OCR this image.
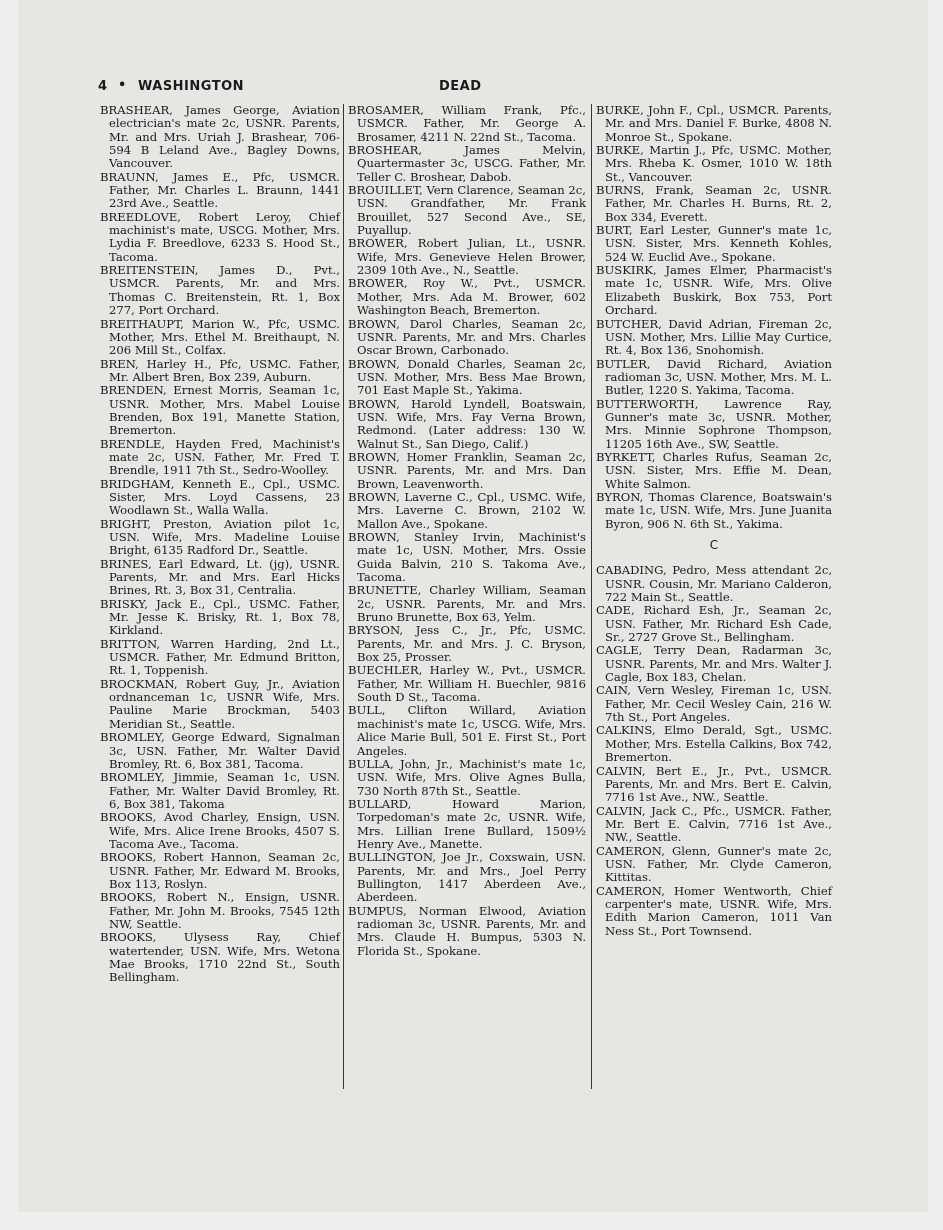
4 • WASHINGTON	DEAD

BRASHEAR, James George, Aviation electrician's mate 2c, USNR. Parents, Mr. and Mrs. Uriah J. Brashear, 706-594 B Leland Ave., Bagley Downs, Vancouver.

BRAUNN, James E., Pfc, USMCR. Father, Mr. Charles L. Braunn, 1441 23rd Ave., Seattle.

BREEDLOVE, Robert Leroy, Chief machinist's mate, USCG. Mother, Mrs. Lydia F. Breedlove, 6233 S. Hood St., Tacoma.

BREITENSTEIN, James D., Pvt., USMCR. Parents, Mr. and Mrs. Thomas C. Breitenstein, Rt. 1, Box 277, Port Orchard.

BREITHAUPT, Marion W., Pfc, USMC. Mother, Mrs. Ethel M. Breithaupt, N. 206 Mill St., Colfax.

BREN, Harley H., Pfc, USMC. Father, Mr. Albert Bren, Box 239, Auburn.

BRENDEN, Ernest Morris, Seaman 1c, USNR. Mother, Mrs. Mabel Louise Brenden, Box 191, Manette Station, Bremerton.

BRENDLE, Hayden Fred, Machinist's mate 2c, USN. Father, Mr. Fred T. Brendle, 1911 7th St., Sedro-Woolley.

BRIDGHAM, Kenneth E., Cpl., USMC. Sister, Mrs. Loyd Cassens, 23 Woodlawn St., Walla Walla.

BRIGHT, Preston, Aviation pilot 1c, USN. Wife, Mrs. Madeline Louise Bright, 6135 Radford Dr., Seattle.

BRINES, Earl Edward, Lt. (jg), USNR. Parents, Mr. and Mrs. Earl Hicks Brines, Rt. 3, Box 31, Centralia.

BRISKY, Jack E., Cpl., USMC. Father, Mr. Jesse K. Brisky, Rt. 1, Box 78, Kirkland.

BRITTON, Warren Harding, 2nd Lt., USMCR. Father, Mr. Edmund Britton, Rt. 1, Toppenish.

BROCKMAN, Robert Guy, Jr., Aviation ordnanceman 1c, USNR Wife, Mrs. Pauline Marie Brockman, 5403 Meridian St., Seattle.

BROMLEY, George Edward, Signalman 3c, USN. Father, Mr. Walter David Bromley, Rt. 6, Box 381, Tacoma.

BROMLEY, Jimmie, Seaman 1c, USN. Father, Mr. Walter David Bromley, Rt. 6, Box 381, Takoma

BROOKS, Avod Charley, Ensign, USN. Wife, Mrs. Alice Irene Brooks, 4507 S. Tacoma Ave., Tacoma.

BROOKS, Robert Hannon, Seaman 2c, USNR. Father, Mr. Edward M. Brooks, Box 113, Roslyn.

BROOKS, Robert N., Ensign, USNR. Father, Mr. John M. Brooks, 7545 12th NW, Seattle.

BROOKS, Ulysess Ray, Chief watertender, USN. Wife, Mrs. Wetona Mae Brooks, 1710 22nd St., South Bellingham.

BROSAMER, William Frank, Pfc., USMCR. Father, Mr. George A. Brosamer, 4211 N. 22nd St., Tacoma.

BROSHEAR, James Melvin, Quartermaster 3c, USCG. Father, Mr. Teller C. Broshear, Dabob.

BROUILLET, Vern Clarence, Seaman 2c, USN. Grandfather, Mr. Frank Brouillet, 527 Second Ave., SE, Puyallup.

BROWER, Robert Julian, Lt., USNR. Wife, Mrs. Genevieve Helen Brower, 2309 10th Ave., N., Seattle.

BROWER, Roy W., Pvt., USMCR. Mother, Mrs. Ada M. Brower, 602 Washington Beach, Bremerton.

BROWN, Darol Charles, Seaman 2c, USNR. Parents, Mr. and Mrs. Charles Oscar Brown, Carbonado.

BROWN, Donald Charles, Seaman 2c, USN. Mother, Mrs. Bess Mae Brown, 701 East Maple St., Yakima.

BROWN, Harold Lyndell, Boatswain, USN. Wife, Mrs. Fay Verna Brown, Redmond. (Later address: 130 W. Walnut St., San Diego, Calif.)

BROWN, Homer Franklin, Seaman 2c, USNR. Parents, Mr. and Mrs. Dan Brown, Leavenworth.

BROWN, Laverne C., Cpl., USMC. Wife, Mrs. Laverne C. Brown, 2102 W. Mallon Ave., Spokane.

BROWN, Stanley Irvin, Machinist's mate 1c, USN. Mother, Mrs. Ossie Guida Balvin, 210 S. Takoma Ave., Tacoma.

BRUNETTE, Charley William, Seaman 2c, USNR. Parents, Mr. and Mrs. Bruno Brunette, Box 63, Yelm.

BRYSON, Jess C., Jr., Pfc, USMC. Parents, Mr. and Mrs. J. C. Bryson, Box 25, Prosser.

BUECHLER, Harley W., Pvt., USMCR. Father, Mr. William H. Buechler, 9816 South D St., Tacoma.

BULL, Clifton Willard, Aviation machinist's mate 1c, USCG. Wife, Mrs. Alice Marie Bull, 501 E. First St., Port Angeles.

BULLA, John, Jr., Machinist's mate 1c, USN. Wife, Mrs. Olive Agnes Bulla, 730 North 87th St., Seattle.

BULLARD, Howard Marion, Torpedoman's mate 2c, USNR. Wife, Mrs. Lillian Irene Bullard, 1509½ Henry Ave., Manette.

BULLINGTON, Joe Jr., Coxswain, USN. Parents, Mr. and Mrs., Joel Perry Bullington, 1417 Aberdeen Ave., Aberdeen.

BUMPUS, Norman Elwood, Aviation radioman 3c, USNR. Parents, Mr. and Mrs. Claude H. Bumpus, 5303 N. Florida St., Spokane.

BURKE, John F., Cpl., USMCR. Parents, Mr. and Mrs. Daniel F. Burke, 4808 N. Monroe St., Spokane.

BURKE, Martin J., Pfc, USMC. Mother, Mrs. Rheba K. Osmer, 1010 W. 18th St., Vancouver.

BURNS, Frank, Seaman 2c, USNR. Father, Mr. Charles H. Burns, Rt. 2, Box 334, Everett.

BURT, Earl Lester, Gunner's mate 1c, USN. Sister, Mrs. Kenneth Kohles, 524 W. Euclid Ave., Spokane.

BUSKIRK, James Elmer, Pharmacist's mate 1c, USNR. Wife, Mrs. Olive Elizabeth Buskirk, Box 753, Port Orchard.

BUTCHER, David Adrian, Fireman 2c, USN. Mother, Mrs. Lillie May Curtice, Rt. 4, Box 136, Snohomish.

BUTLER, David Richard, Aviation radioman 3c, USN. Mother, Mrs. M. L. Butler, 1220 S. Yakima, Tacoma.

BUTTERWORTH, Lawrence Ray, Gunner's mate 3c, USNR. Mother, Mrs. Minnie Sophrone Thompson, 11205 16th Ave., SW, Seattle.

BYRKETT, Charles Rufus, Seaman 2c, USN. Sister, Mrs. Effie M. Dean, White Salmon.

BYRON, Thomas Clarence, Boatswain's mate 1c, USN. Wife, Mrs. June Juanita Byron, 906 N. 6th St., Yakima.

C

CABADING, Pedro, Mess attendant 2c, USNR. Cousin, Mr. Mariano Calderon, 722 Main St., Seattle.

CADE, Richard Esh, Jr., Seaman 2c, USN. Father, Mr. Richard Esh Cade, Sr., 2727 Grove St., Bellingham.

CAGLE, Terry Dean, Radarman 3c, USNR. Parents, Mr. and Mrs. Walter J. Cagle, Box 183, Chelan.

CAIN, Vern Wesley, Fireman 1c, USN. Father, Mr. Cecil Wesley Cain, 216 W. 7th St., Port Angeles.

CALKINS, Elmo Derald, Sgt., USMC. Mother, Mrs. Estella Calkins, Box 742, Bremerton.

CALVIN, Bert E., Jr., Pvt., USMCR. Parents, Mr. and Mrs. Bert E. Calvin, 7716 1st Ave., NW., Seattle.

CALVIN, Jack C., Pfc., USMCR. Father, Mr. Bert E. Calvin, 7716 1st Ave., NW., Seattle.

CAMERON, Glenn, Gunner's mate 2c, USN. Father, Mr. Clyde Cameron, Kittitas.

CAMERON, Homer Wentworth, Chief carpenter's mate, USNR. Wife, Mrs. Edith Marion Cameron, 1011 Van Ness St., Port Townsend.
